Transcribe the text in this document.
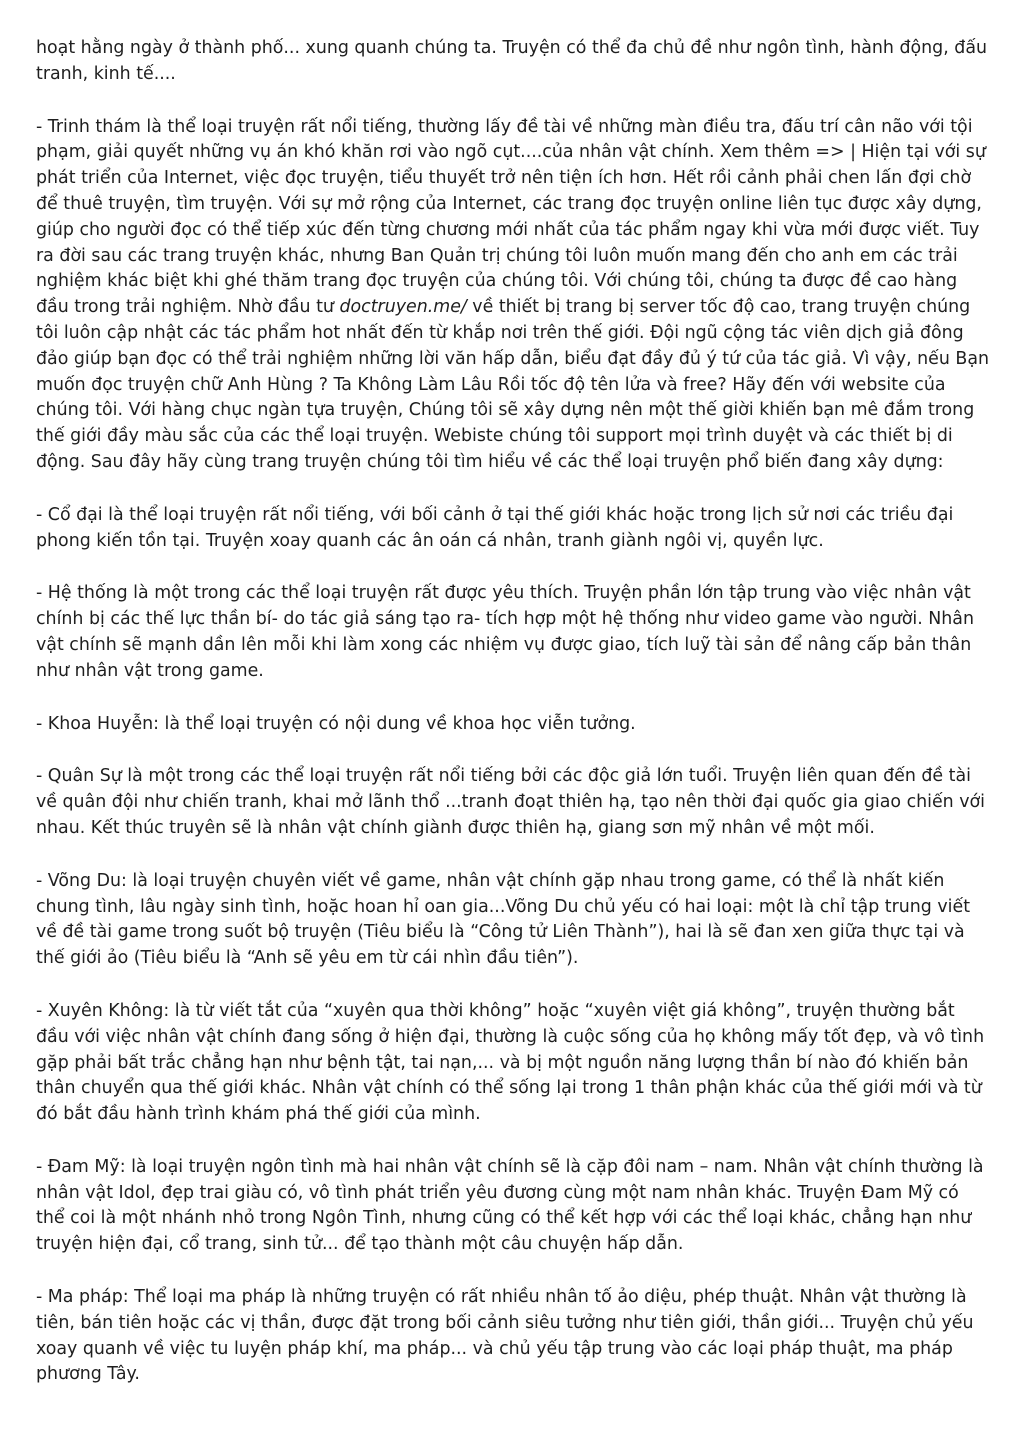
hoạt hằng ngày ở thành phố... xung quanh chúng ta. Truyện có thể đa chủ đề như ngôn tình, hành động, đấu tranh, kinh tế....

- Trinh thám là thể loại truyện rất nổi tiếng, thường lấy đề tài về những màn điều tra, đấu trí cân não với tội phạm, giải quyết những vụ án khó khăn rơi vào ngõ cụt....của nhân vật chính. Xem thêm => | Hiện tại với sự phát triển của Internet, việc đọc truyện, tiểu thuyết trở nên tiện ích hơn. Hết rồi cảnh phải chen lấn đợi chờ để thuê truyện, tìm truyện. Với sự mở rộng của Internet, các trang đọc truyện online liên tục được xây dựng, giúp cho người đọc có thể tiếp xúc đến từng chương mới nhất của tác phẩm ngay khi vừa mới được viết. Tuy ra đời sau các trang truyện khác, nhưng Ban Quản trị chúng tôi luôn muốn mang đến cho anh em các trải nghiệm khác biệt khi ghé thăm trang đọc truyện của chúng tôi. Với chúng tôi, chúng ta được đề cao hàng đầu trong trải nghiệm. Nhờ đầu tư doctruyen.me/ về thiết bị trang bị server tốc độ cao, trang truyện chúng tôi luôn cập nhật các tác phẩm hot nhất đến từ khắp nơi trên thế giới. Đội ngũ cộng tác viên dịch giả đông đảo giúp bạn đọc có thể trải nghiệm những lời văn hấp dẫn, biểu đạt đầy đủ ý tứ của tác giả. Vì vậy, nếu Bạn muốn đọc truyện chữ Anh Hùng ? Ta Không Làm Lâu Rồi tốc độ tên lửa và free? Hãy đến với website của chúng tôi. Với hàng chục ngàn tựa truyện, Chúng tôi sẽ xây dựng nên một thế giời khiến bạn mê đắm trong thế giới đầy màu sắc của các thể loại truyện. Webiste chúng tôi support mọi trình duyệt và các thiết bị di động. Sau đây hãy cùng trang truyện chúng tôi tìm hiểu về các thể loại truyện phổ biến đang xây dựng:

- Cổ đại là thể loại truyện rất nổi tiếng, với bối cảnh ở tại thế giới khác hoặc trong lịch sử nơi các triều đại phong kiến tồn tại. Truyện xoay quanh các ân oán cá nhân, tranh giành ngôi vị, quyền lực.

- Hệ thống là một trong các thể loại truyện rất được yêu thích. Truyện phần lớn tập trung vào việc nhân vật chính bị các thế lực thần bí- do tác giả sáng tạo ra- tích hợp một hệ thống như video game vào người. Nhân vật chính sẽ mạnh dần lên mỗi khi làm xong các nhiệm vụ được giao, tích luỹ tài sản để nâng cấp bản thân như nhân vật trong game.

- Khoa Huyễn: là thể loại truyện có nội dung về khoa học viễn tưởng.

- Quân Sự là một trong các thể loại truyện rất nổi tiếng bởi các độc giả lớn tuổi. Truyện liên quan đến đề tài về quân đội như chiến tranh, khai mở lãnh thổ ...tranh đoạt thiên hạ, tạo nên thời đại quốc gia giao chiến với nhau. Kết thúc truyên sẽ là nhân vật chính giành được thiên hạ, giang sơn mỹ nhân về một mối.

- Võng Du: là loại truyện chuyên viết về game, nhân vật chính gặp nhau trong game, có thể là nhất kiến chung tình, lâu ngày sinh tình, hoặc hoan hỉ oan gia...Võng Du chủ yếu có hai loại: một là chỉ tập trung viết về đề tài game trong suốt bộ truyện (Tiêu biểu là “Công tử Liên Thành”), hai là sẽ đan xen giữa thực tại và thế giới ảo (Tiêu biểu là “Anh sẽ yêu em từ cái nhìn đầu tiên”).

- Xuyên Không: là từ viết tắt của “xuyên qua thời không” hoặc “xuyên việt giá không”, truyện thường bắt đầu với việc nhân vật chính đang sống ở hiện đại, thường là cuộc sống của họ không mấy tốt đẹp, và vô tình gặp phải bất trắc chẳng hạn như bệnh tật, tai nạn,... và bị một nguồn năng lượng thần bí nào đó khiến bản thân chuyển qua thế giới khác. Nhân vật chính có thể sống lại trong 1 thân phận khác của thế giới mới và từ đó bắt đầu hành trình khám phá thế giới của mình.

- Đam Mỹ: là loại truyện ngôn tình mà hai nhân vật chính sẽ là cặp đôi nam – nam. Nhân vật chính thường là nhân vật Idol, đẹp trai giàu có, vô tình phát triển yêu đương cùng một nam nhân khác. Truyện Đam Mỹ có thể coi là một nhánh nhỏ trong Ngôn Tình, nhưng cũng có thể kết hợp với các thể loại khác, chẳng hạn như truyện hiện đại, cổ trang, sinh tử... để tạo thành một câu chuyện hấp dẫn.

- Ma pháp: Thể loại ma pháp là những truyện có rất nhiều nhân tố ảo diệu, phép thuật. Nhân vật thường là tiên, bán tiên hoặc các vị thần, được đặt trong bối cảnh siêu tưởng như tiên giới, thần giới... Truyện chủ yếu xoay quanh về việc tu luyện pháp khí, ma pháp... và chủ yếu tập trung vào các loại pháp thuật, ma pháp phương Tây.
